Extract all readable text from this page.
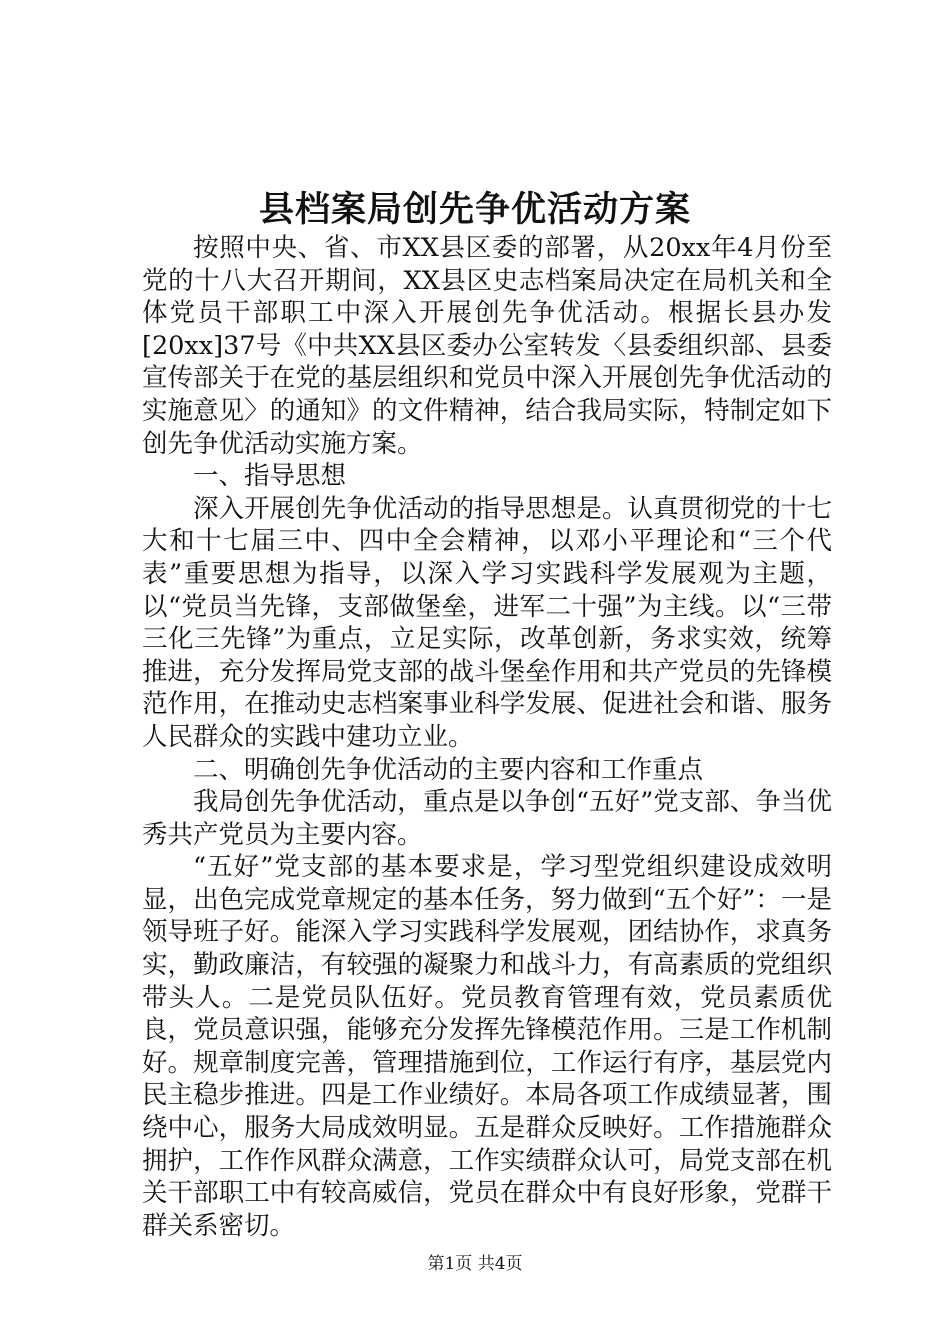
县档案局创先争优活动方案

按照中央、省、市XX县区委的部署，从20xx年4月份至党的十八大召开期间，XX县区史志档案局决定在局机关和全体党员干部职工中深入开展创先争优活动。根据长县办发[20xx]37号《中共XX县区委办公室转发〈县委组织部、县委宣传部关于在党的基层组织和党员中深入开展创先争优活动的实施意见〉的通知》的文件精神，结合我局实际，特制定如下创先争优活动实施方案。

一、指导思想

深入开展创先争优活动的指导思想是。认真贯彻党的十七大和十七届三中、四中全会精神，以邓小平理论和“三个代表”重要思想为指导，以深入学习实践科学发展观为主题，以“党员当先锋，支部做堡垒，进军二十强”为主线。以“三带三化三先锋”为重点，立足实际，改革创新，务求实效，统筹推进，充分发挥局党支部的战斗堡垒作用和共产党员的先锋模范作用，在推动史志档案事业科学发展、促进社会和谐、服务人民群众的实践中建功立业。

二、明确创先争优活动的主要内容和工作重点

我局创先争优活动，重点是以争创“五好”党支部、争当优秀共产党员为主要内容。

“五好”党支部的基本要求是，学习型党组织建设成效明显，出色完成党章规定的基本任务，努力做到“五个好”：一是领导班子好。能深入学习实践科学发展观，团结协作，求真务实，勤政廉洁，有较强的凝聚力和战斗力，有高素质的党组织带头人。二是党员队伍好。党员教育管理有效，党员素质优良，党员意识强，能够充分发挥先锋模范作用。三是工作机制好。规章制度完善，管理措施到位，工作运行有序，基层党内民主稳步推进。四是工作业绩好。本局各项工作成绩显著，围绕中心，服务大局成效明显。五是群众反映好。工作措施群众拥护，工作作风群众满意，工作实绩群众认可，局党支部在机关干部职工中有较高威信，党员在群众中有良好形象，党群干群关系密切。

第1页 共4页
